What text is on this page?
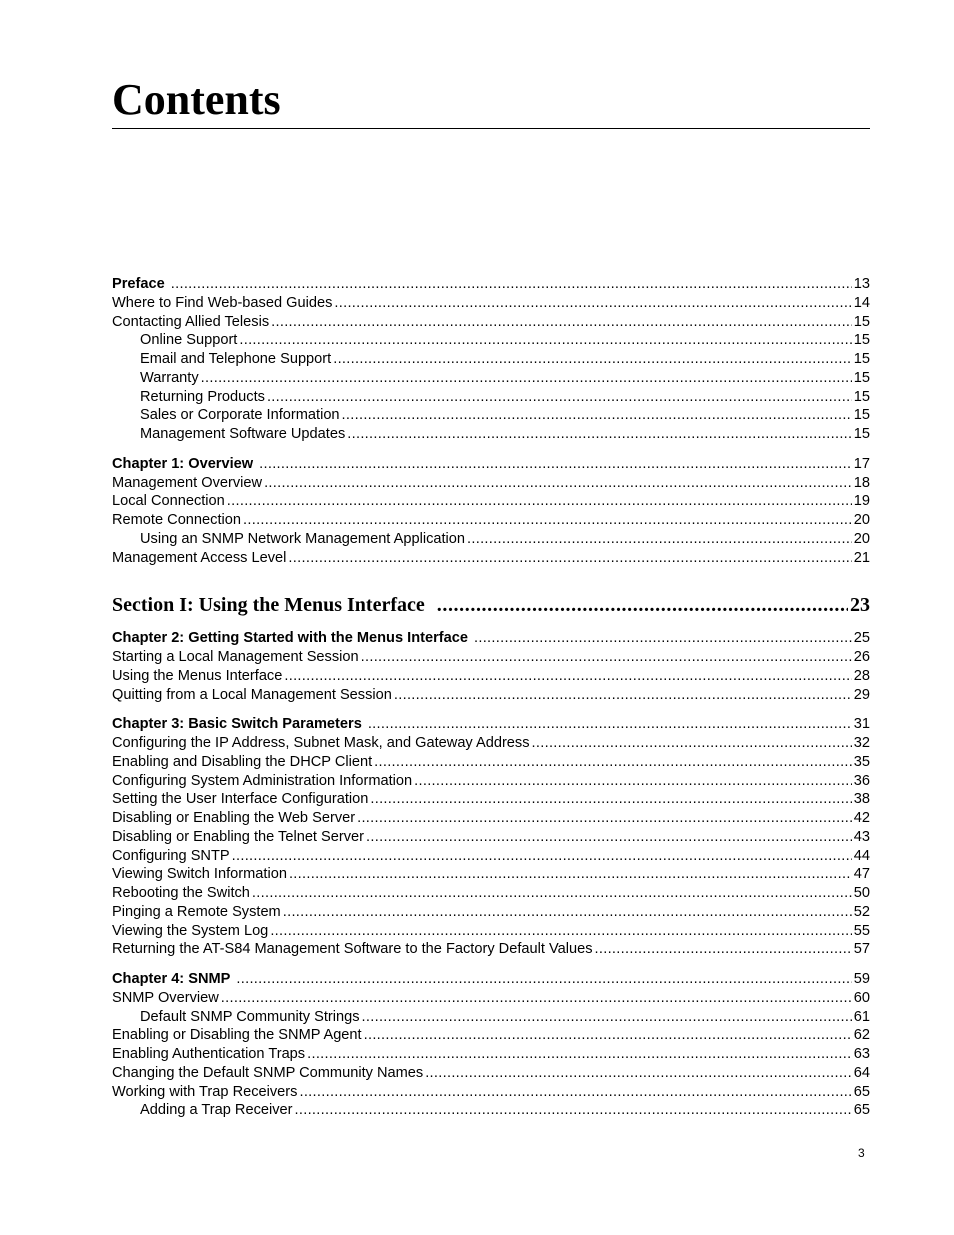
Contents
Preface .....	13
Where to Find Web-based Guides .....	14
Contacting Allied Telesis .....	15
Online Support .....	15
Email and Telephone Support .....	15
Warranty .....	15
Returning Products .....	15
Sales or Corporate Information .....	15
Management Software Updates .....	15
Chapter 1: Overview .....	17
Management Overview .....	18
Local Connection .....	19
Remote Connection .....	20
Using an SNMP Network Management Application .....	20
Management Access Level .....	21
Section I: Using the Menus Interface .....	23
Chapter 2: Getting Started with the Menus Interface .....	25
Starting a Local Management Session .....	26
Using the Menus Interface .....	28
Quitting from a Local Management Session .....	29
Chapter 3: Basic Switch Parameters .....	31
Configuring the IP Address, Subnet Mask, and Gateway Address .....	32
Enabling and Disabling the DHCP Client .....	35
Configuring System Administration Information .....	36
Setting the User Interface Configuration .....	38
Disabling or Enabling the Web Server .....	42
Disabling or Enabling the Telnet Server .....	43
Configuring SNTP .....	44
Viewing Switch Information .....	47
Rebooting the Switch .....	50
Pinging a Remote System .....	52
Viewing the System Log .....	55
Returning the AT-S84 Management Software to the Factory Default Values .....	57
Chapter 4: SNMP .....	59
SNMP Overview .....	60
Default SNMP Community Strings .....	61
Enabling or Disabling the SNMP Agent .....	62
Enabling Authentication Traps .....	63
Changing the Default SNMP Community Names .....	64
Working with Trap Receivers .....	65
Adding a Trap Receiver .....	65
3
